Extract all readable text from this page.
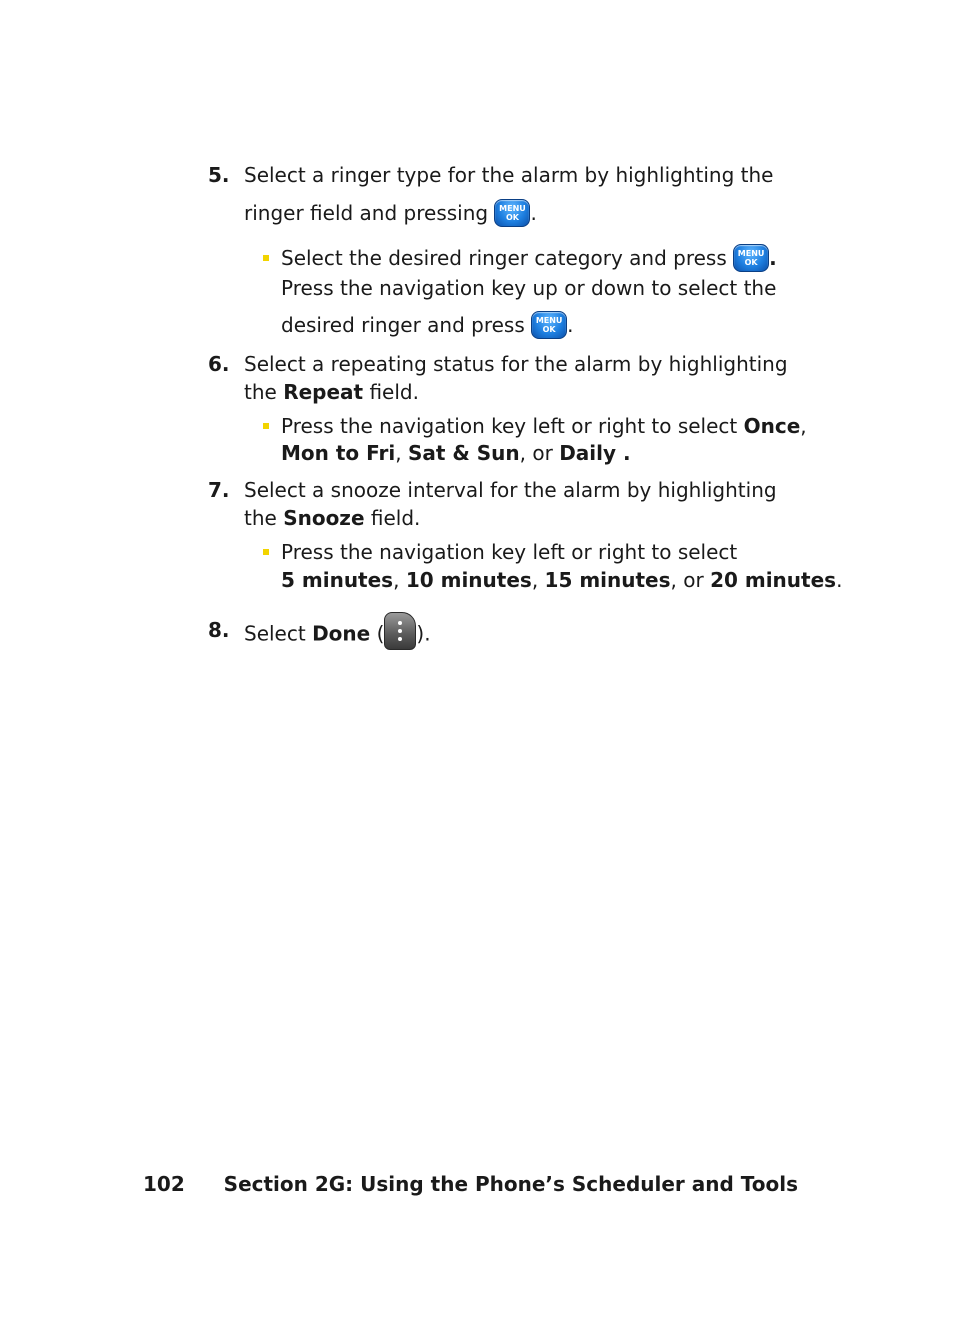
5. Select a ringer type for the alarm by highlighting the
ringer field and pressing MENU
OK .
Select the desired ringer category and press MENU
OK .
Press the navigation key up or down to select the
desired ringer and press MENU
OK .
6. Select a repeating status for the alarm by highlighting
the Repeat field.
Press the navigation key left or right to select Once,
Mon to Fri, Sat & Sun, or Daily .
7. Select a snooze interval for the alarm by highlighting
the Snooze field.
Press the navigation key left or right to select
5 minutes, 10 minutes, 15 minutes, or 20 minutes.
8. Select Done ( ).
102 Section 2G: Using the Phone’s Scheduler and Tools
